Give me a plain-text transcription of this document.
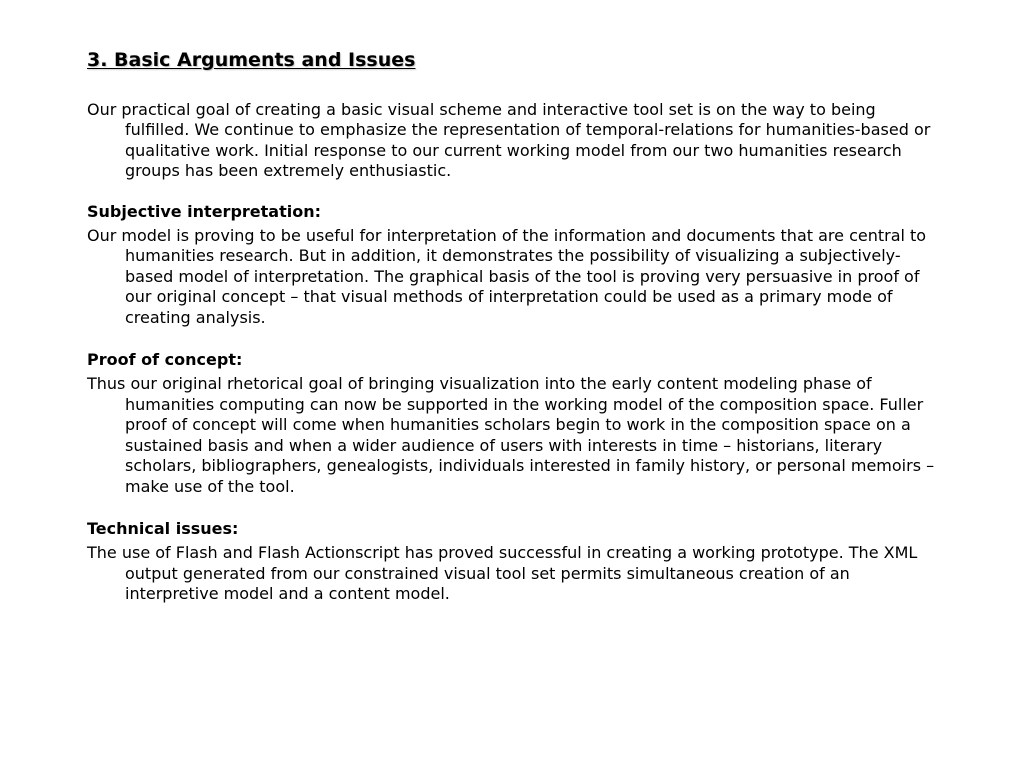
3. Basic Arguments and Issues

Our practical goal of creating a basic visual scheme and interactive tool set is on the way to being fulfilled. We continue to emphasize the representation of temporal-relations for humanities-based or qualitative work. Initial response to our current working model from our two humanities research groups has been extremely enthusiastic.

Subjective interpretation:

Our model is proving to be useful for interpretation of the information and documents that are central to humanities research. But in addition, it demonstrates the possibility of visualizing a subjectively-based model of interpretation. The graphical basis of the tool is proving very persuasive in proof of our original concept – that visual methods of interpretation could be used as a primary mode of creating analysis.

Proof of concept:

Thus our original rhetorical goal of bringing visualization into the early content modeling phase of humanities computing can now be supported in the working model of the composition space. Fuller proof of concept will come when humanities scholars begin to work in the composition space on a sustained basis and when a wider audience of users with interests in time – historians, literary scholars, bibliographers, genealogists, individuals interested in family history, or personal memoirs – make use of the tool.

Technical issues:

The use of Flash and Flash Actionscript has proved successful in creating a working prototype. The XML output generated from our constrained visual tool set permits simultaneous creation of an interpretive model and a content model.
